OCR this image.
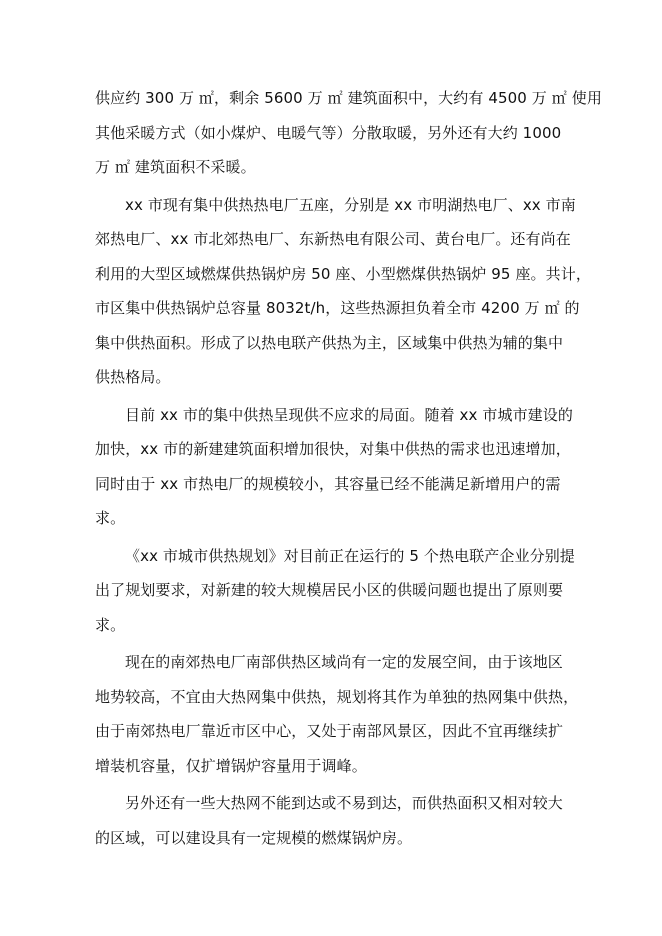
供应约 300 万 ㎡，剩余 5600 万 ㎡ 建筑面积中，大约有 4500 万 ㎡ 使用
其他采暖方式（如小煤炉、电暖气等）分散取暖，另外还有大约 1000
万 ㎡ 建筑面积不采暖。
xx 市现有集中供热热电厂五座，分别是 xx 市明湖热电厂、xx 市南
郊热电厂、xx 市北郊热电厂、东新热电有限公司、黄台电厂。还有尚在
利用的大型区域燃煤供热锅炉房 50 座、小型燃煤供热锅炉 95 座。共计，
市区集中供热锅炉总容量 8032t/h，这些热源担负着全市 4200 万 ㎡ 的
集中供热面积。形成了以热电联产供热为主，区域集中供热为辅的集中
供热格局。
目前 xx 市的集中供热呈现供不应求的局面。随着 xx 市城市建设的
加快，xx 市的新建建筑面积增加很快，对集中供热的需求也迅速增加，
同时由于 xx 市热电厂的规模较小，其容量已经不能满足新增用户的需
求。
《xx 市城市供热规划》对目前正在运行的 5 个热电联产企业分别提
出了规划要求，对新建的较大规模居民小区的供暖问题也提出了原则要
求。
现在的南郊热电厂南部供热区域尚有一定的发展空间，由于该地区
地势较高，不宜由大热网集中供热，规划将其作为单独的热网集中供热，
由于南郊热电厂靠近市区中心，又处于南部风景区，因此不宜再继续扩
增装机容量，仅扩增锅炉容量用于调峰。
另外还有一些大热网不能到达或不易到达，而供热面积又相对较大
的区域，可以建设具有一定规模的燃煤锅炉房。
